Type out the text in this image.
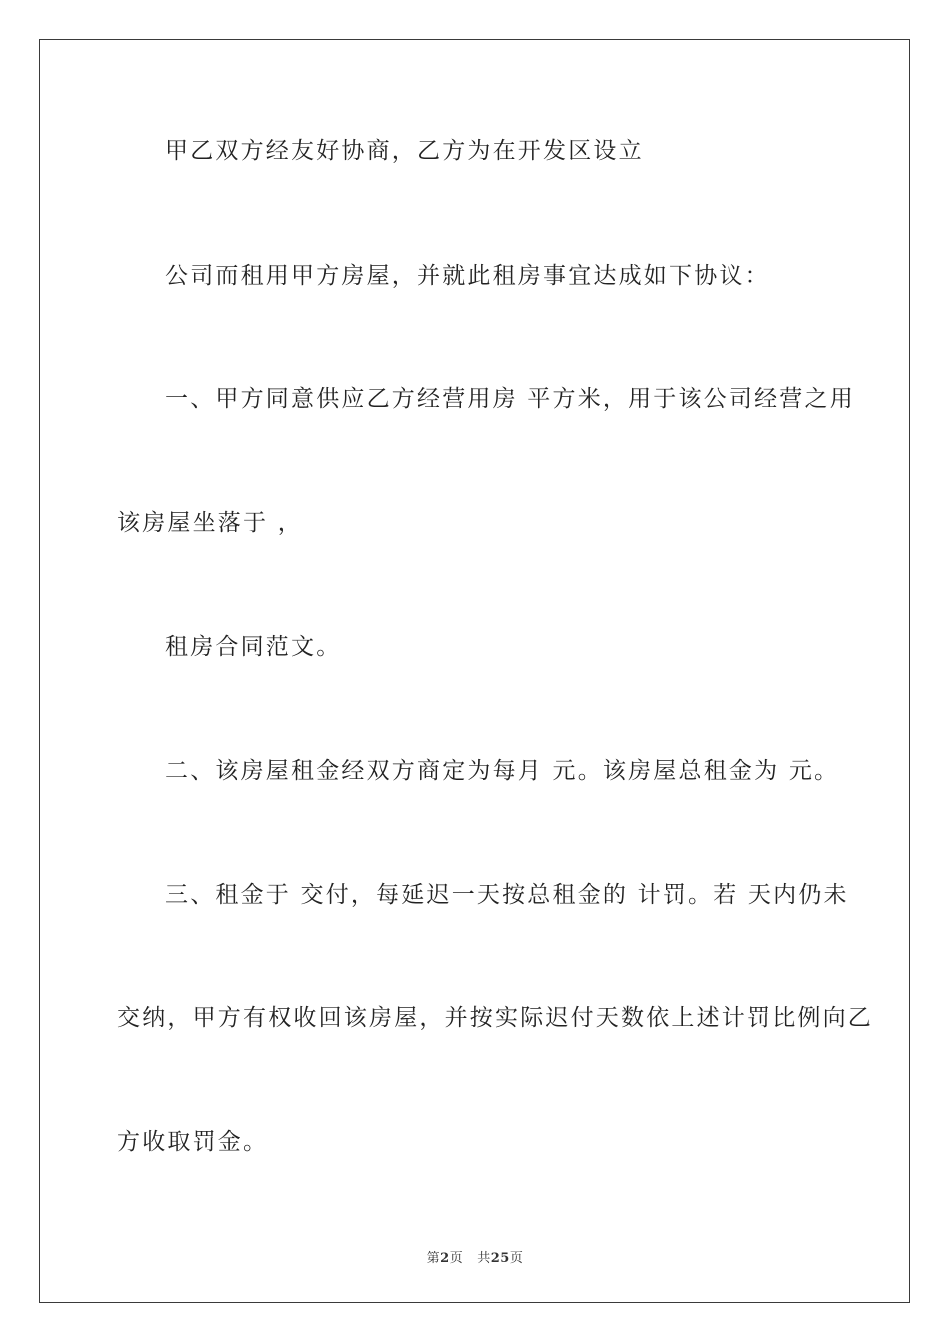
甲乙双方经友好协商，乙方为在开发区设立
公司而租用甲方房屋，并就此租房事宜达成如下协议：
一、甲方同意供应乙方经营用房 平方米，用于该公司经营之用
该房屋坐落于 ，
租房合同范文。
二、该房屋租金经双方商定为每月 元。该房屋总租金为 元。
三、租金于 交付，每延迟一天按总租金的 计罚。若 天内仍未
交纳，甲方有权收回该房屋，并按实际迟付天数依上述计罚比例向乙
方收取罚金。
第2页 共25页
